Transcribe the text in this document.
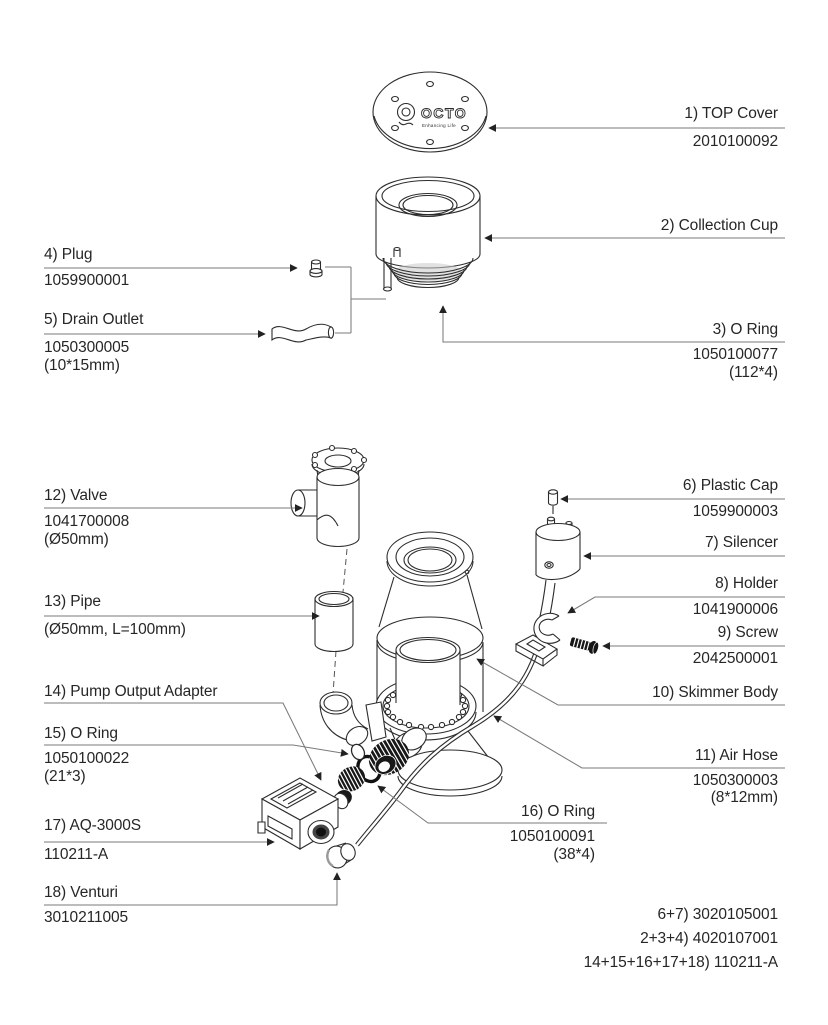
OCTO
Enhancing Life
1) TOP Cover
2010100092
2) Collection Cup
3) O Ring
1050100077
(112*4)
6) Plastic Cap
1059900003
7) Silencer
8) Holder
1041900006
9) Screw
2042500001
10) Skimmer Body
11) Air Hose
1050300003
(8*12mm)
16) O Ring
1050100091
(38*4)
4) Plug
1059900001
5) Drain Outlet
1050300005
(10*15mm)
12) Valve
1041700008
(Ø50mm)
13) Pipe
(Ø50mm, L=100mm)
14) Pump Output Adapter
15) O Ring
1050100022
(21*3)
17) AQ-3000S
110211-A
18) Venturi
3010211005	6+7) 3020105001
2+3+4) 4020107001
14+15+16+17+18) 110211-A
